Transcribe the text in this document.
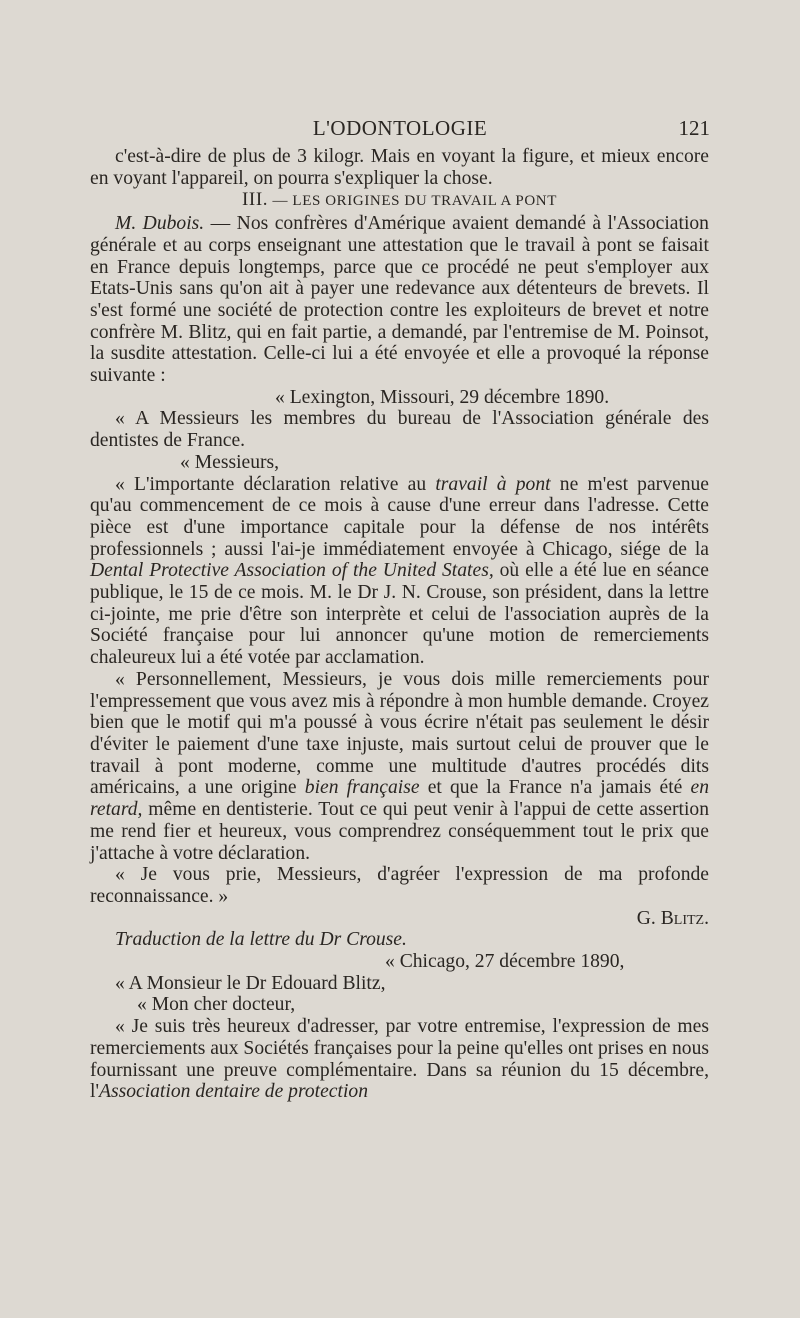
L'ODONTOLOGIE	121

c'est-à-dire de plus de 3 kilogr. Mais en voyant la figure, et mieux encore en voyant l'appareil, on pourra s'expliquer la chose.

III. — LES ORIGINES DU TRAVAIL A PONT

M. Dubois. — Nos confrères d'Amérique avaient demandé à l'Association générale et au corps enseignant une attestation que le travail à pont se faisait en France depuis longtemps, parce que ce procédé ne peut s'employer aux Etats-Unis sans qu'on ait à payer une redevance aux détenteurs de brevets. Il s'est formé une société de protection contre les exploiteurs de brevet et notre confrère M. Blitz, qui en fait partie, a demandé, par l'entremise de M. Poinsot, la susdite attestation. Celle-ci lui a été envoyée et elle a provoqué la réponse suivante :

« Lexington, Missouri, 29 décembre 1890.

« A Messieurs les membres du bureau de l'Association générale des dentistes de France.

« Messieurs,

« L'importante déclaration relative au travail à pont ne m'est parvenue qu'au commencement de ce mois à cause d'une erreur dans l'adresse. Cette pièce est d'une importance capitale pour la défense de nos intérêts professionnels ; aussi l'ai-je immédiatement envoyée à Chicago, siége de la Dental Protective Association of the United States, où elle a été lue en séance publique, le 15 de ce mois. M. le Dr J. N. Crouse, son président, dans la lettre ci-jointe, me prie d'être son interprète et celui de l'association auprès de la Société française pour lui annoncer qu'une motion de remerciements chaleureux lui a été votée par acclamation.

« Personnellement, Messieurs, je vous dois mille remerciements pour l'empressement que vous avez mis à répondre à mon humble demande. Croyez bien que le motif qui m'a poussé à vous écrire n'était pas seulement le désir d'éviter le paiement d'une taxe injuste, mais surtout celui de prouver que le travail à pont moderne, comme une multitude d'autres procédés dits américains, a une origine bien française et que la France n'a jamais été en retard, même en dentisterie. Tout ce qui peut venir à l'appui de cette assertion me rend fier et heureux, vous comprendrez conséquemment tout le prix que j'attache à votre déclaration.

« Je vous prie, Messieurs, d'agréer l'expression de ma profonde reconnaissance. »

G. Blitz.

Traduction de la lettre du Dr Crouse.

« Chicago, 27 décembre 1890,

« A Monsieur le Dr Edouard Blitz,

« Mon cher docteur,

« Je suis très heureux d'adresser, par votre entremise, l'expression de mes remerciements aux Sociétés françaises pour la peine qu'elles ont prises en nous fournissant une preuve complémentaire. Dans sa réunion du 15 décembre, l'Association dentaire de protection
